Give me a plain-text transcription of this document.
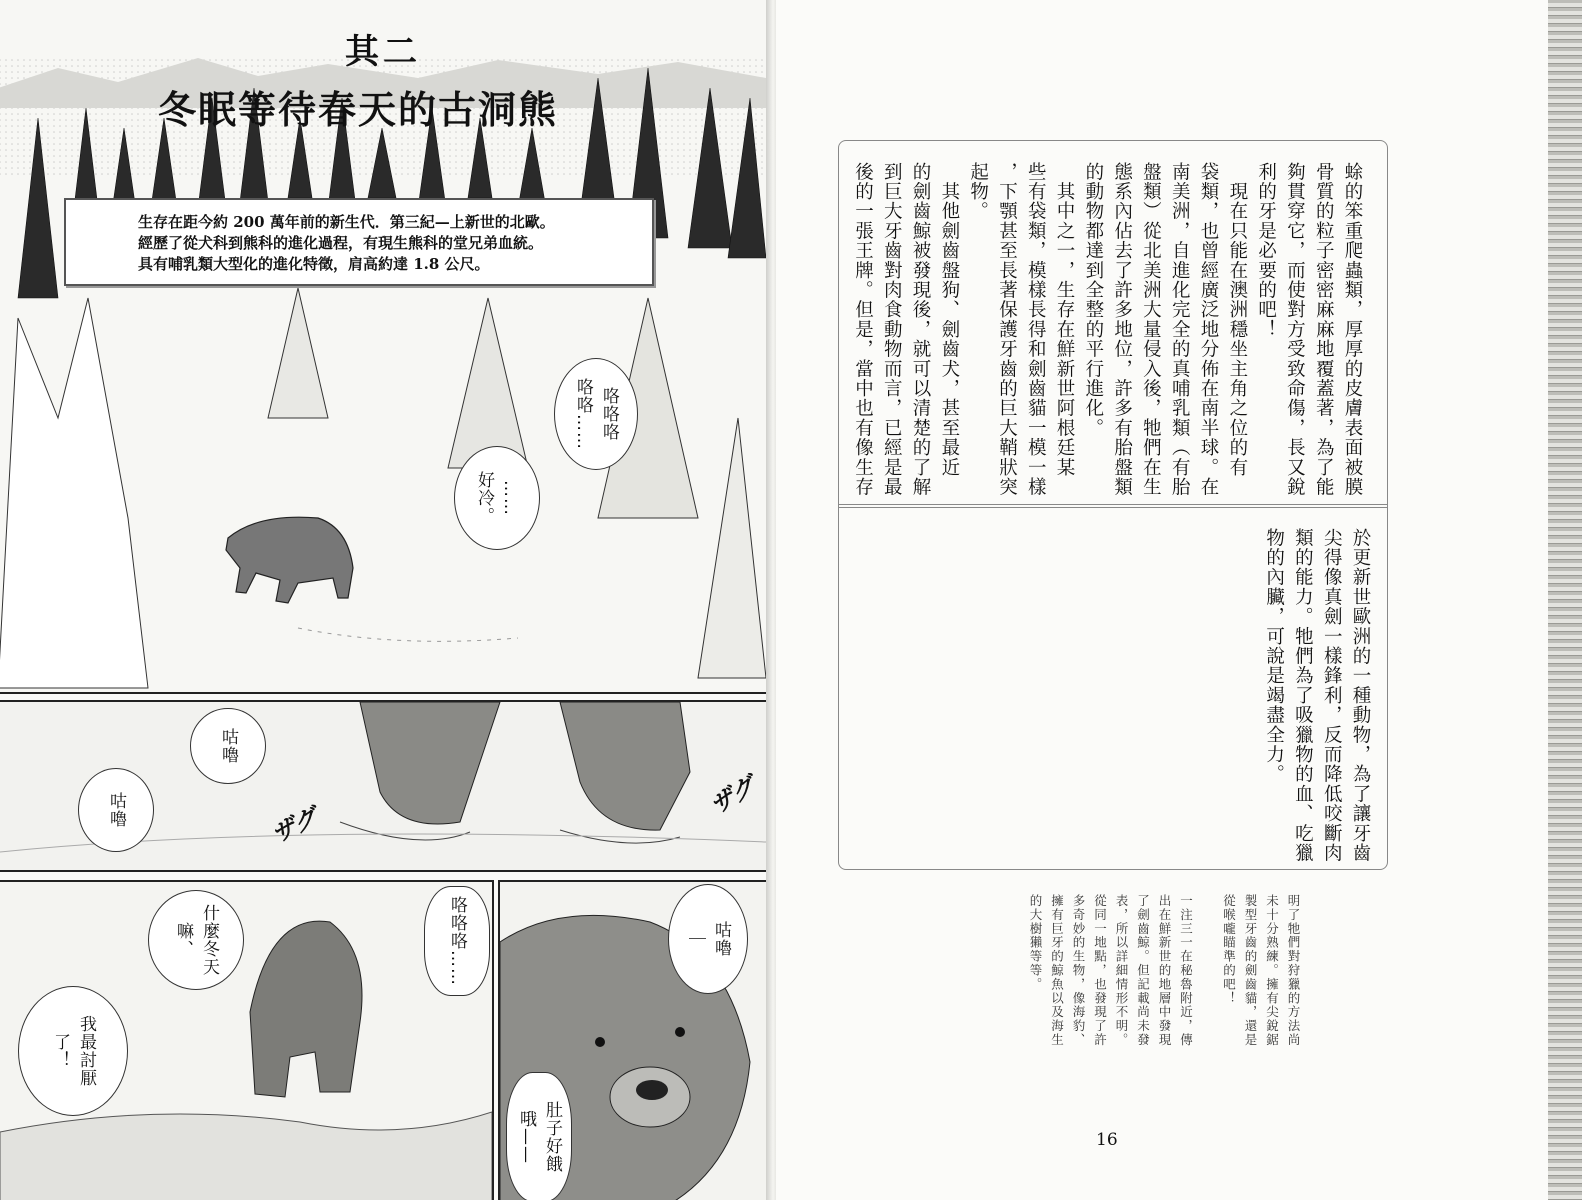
其二
冬眠等待春天的古洞熊
生存在距今約 200 萬年前的新生代．第三紀—上新世的北歐。
經歷了從犬科到熊科的進化過程，有現生熊科的堂兄弟血統。
具有哺乳類大型化的進化特徵，肩高約達 1.8 公尺。
咯咯咯
咯咯……
……
好冷。
咕嚕
咕嚕	ザグ
ザグ
什麼冬天
嘛、
我最討厭
了！
咯咯咯……	咕嚕
｜
肚子好餓
哦——
蜍的笨重爬蟲類，厚厚的皮膚表面被膜
骨質的粒子密密麻麻地覆蓋著，為了能
夠貫穿它，而使對方受致命傷，長又銳
利的牙是必要的吧！
　現在只能在澳洲穩坐主角之位的有
袋類，也曾經廣泛地分佈在南半球。在
南美洲，自進化完全的真哺乳類（有胎
盤類）從北美洲大量侵入後，牠們在生
態系內佔去了許多地位，許多有胎盤類
的動物都達到全整的平行進化。
　其中之一，生存在鮮新世阿根廷某
些有袋類，模樣長得和劍齒貓一模一樣
，下顎甚至長著保護牙齒的巨大鞘狀突
起物。
　其他劍齒盤狗、劍齒犬，甚至最近
的劍齒鯨被發現後，就可以清楚的了解
到巨大牙齒對肉食動物而言，已經是最
後的一張王牌。但是，當中也有像生存
於更新世歐洲的一種動物，為了讓牙齒
尖得像真劍一樣鋒利，反而降低咬斷肉
類的能力。牠們為了吸獵物的血、吃獵
物的內臟，可說是竭盡全力。
明了牠們對狩獵的方法尚
未十分熟練。擁有尖銳鋸
製型牙齒的劍齒貓，還是
從喉嚨瞄準的吧！

一注三一在秘魯附近，傳
出在鮮新世的地層中發現
了劍齒鯨。但記載尚未發
表，所以詳細情形不明。
從同一地點，也發現了許
多奇妙的生物，像海豹、
擁有巨牙的鯨魚以及海生
的大樹獺等等。
16
